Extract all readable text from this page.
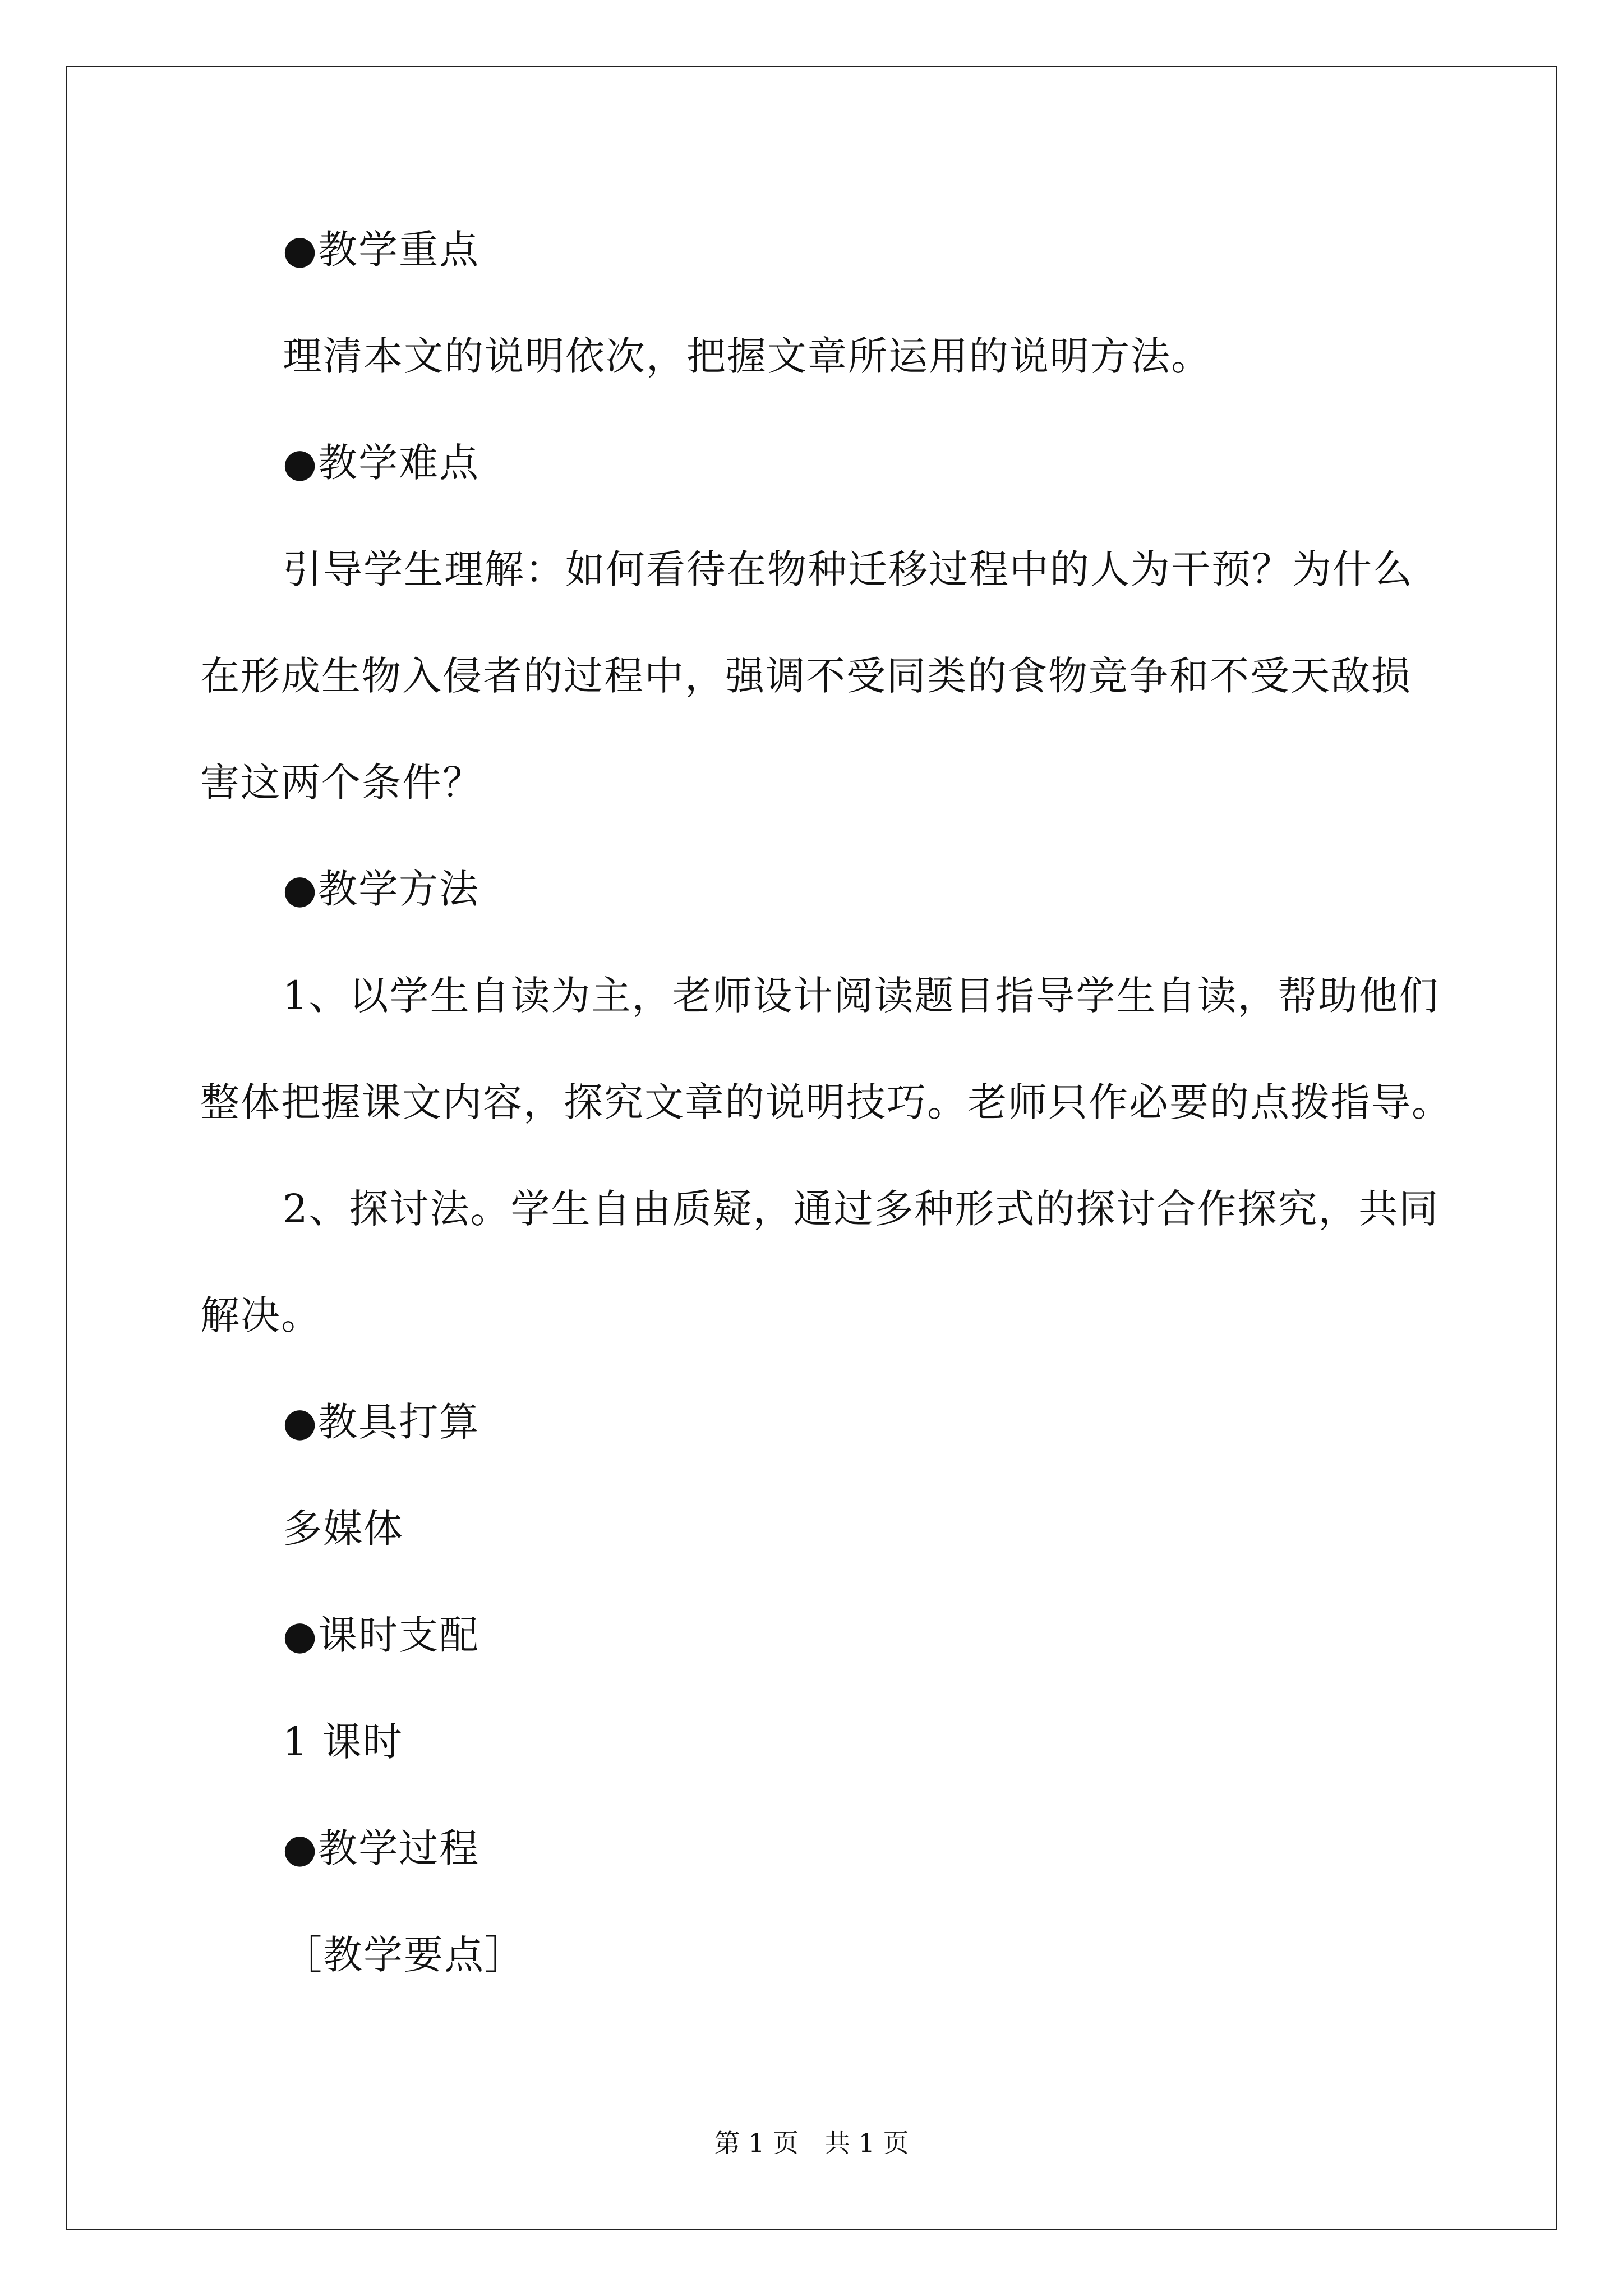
●教学重点
理清本文的说明依次，把握文章所运用的说明方法。
●教学难点
引导学生理解：如何看待在物种迁移过程中的人为干预？为什么
在形成生物入侵者的过程中，强调不受同类的食物竞争和不受天敌损
害这两个条件？
●教学方法
1、以学生自读为主，老师设计阅读题目指导学生自读，帮助他们
整体把握课文内容，探究文章的说明技巧。老师只作必要的点拨指导。
2、探讨法。学生自由质疑，通过多种形式的探讨合作探究，共同
解决。
●教具打算
多媒体
●课时支配
1 课时
●教学过程
［教学要点］
第 1 页　共 1 页
